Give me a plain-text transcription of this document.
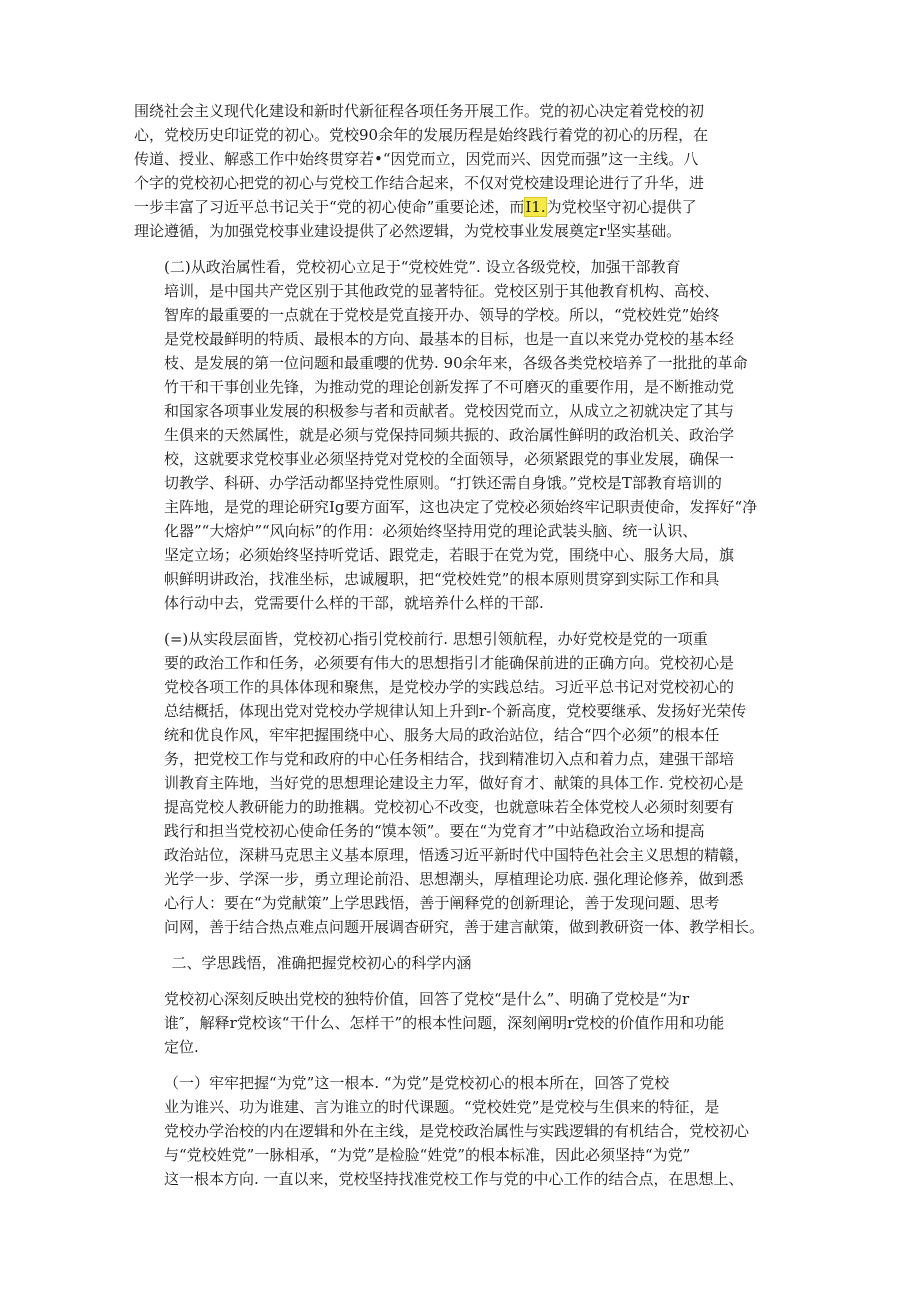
围绕社会主义现代化建设和新时代新征程各项任务开展工作。党的初心决定着党校的初
心，党校历史印证党的初心。党校90余年的发展历程是始终践行着党的初心的历程，在
传道、授业、解惑工作中始终贯穿若•“因党而立，因党而兴、因党而强”这一主线。八
个字的党校初心把党的初心与党校工作结合起来，不仅对党校建设理论进行了升华，进
一步丰富了习近平总书记关于“党的初心使命”重要论述，而I1.为党校坚守初心提供了
理论遵循，为加强党校事业建设提供了必然逻辑，为党校事业发展奠定r坚实基础。

(二)从政治属性看，党校初心立足于“党校姓党”. 设立各级党校，加强干部教育
培训，是中国共产党区别于其他政党的显著特征。党校区别于其他教育机构、高校、
智库的最重要的一点就在于党校是党直接开办、领导的学校。所以，“党校姓党”始终
是党校最鲜明的特质、最根本的方向、最基本的目标，也是一直以来党办党校的基本经
枝、是发展的第一位问题和最重嚶的优势. 90余年来，各级各类党校培养了一批批的革命
竹干和干事创业先锋，为推动党的理论创新发挥了不可磨灭的重要作用，是不断推动党
和国家各项事业发展的积极参与者和贡献者。党校因党而立，从成立之初就决定了其与
生俱来的天然属性，就是必须与党保持同频共振的、政治属性鲜明的政治机关、政治学
校，这就要求党校事业必须坚持党对党校的全面领导，必须紧跟党的事业发展，确保一
切教学、科研、办学活动都坚持党性原则。“打铁还需自身饿。”党校是T部教育培训的
主阵地，是党的理论研究Ig要方面军，这也决定了党校必须始终牢记职责使命，发挥好“净
化器”“大熔炉”“风向标”的作用：必须始终坚持用党的理论武装头脑、统一认识、
坚定立场；必须始终坚持听党话、跟党走，若眼于在党为党，围绕中心、服务大局，旗
帜鲜明讲政治，找准坐标，忠诚履职，把“党校姓党”的根本原则贯穿到实际工作和具
体行动中去，党需要什么样的干部，就培养什么样的干部.

(=)从实段层面皆，党校初心指引党校前行. 思想引领航程，办好党校是党的一项重
要的政治工作和任务，必须要有伟大的思想指引才能确保前进的正确方向。党校初心是
党校各项工作的具体体现和聚焦，是党校办学的实践总结。习近平总书记对党校初心的
总结概括，体现出党对党校办学规律认知上升到r-个新高度，党校要继承、发扬好光荣传
统和优良作风，牢牢把握围绕中心、服务大局的政治站位，结合“四个必须”的根本任
务，把党校工作与党和政府的中心任务相结合，找到精准切入点和着力点，建强干部培
训教育主阵地，当好党的思想理论建设主力军，做好育才、献策的具体工作. 党校初心是
提高党校人教研能力的助推耦。党校初心不改变，也就意味若全体党校人必须时刻要有
践行和担当党校初心使命任务的“馍本领”。要在“为党育才”中站稳政治立场和提高
政治站位，深耕马克思主义基本原理，悟透习近平新时代中国特色社会主义思想的精赣，
光学一步、学深一步，勇立理论前沿、思想潮头，厚植理论功底. 强化理论修养，做到悉
心行人：要在“为党献策”上学思践悟，善于阐释党的创新理论，善于发现问题、思考
问网，善于结合热点难点问题开展调杳研究，善于建言献策，做到教研资一体、教学相长。

二、学思践悟，准确把握党校初心的科学内涵

党校初心深刻反映出党校的独特价值，回答了党校“是什么”、明确了党校是“为r
谁″，解释r党校该“干什么、怎样干”的根本性问题，深刻阐明r党校的价值作用和功能
定位.

（一）牢牢把握“为党”这一根本. “为党”是党校初心的根本所在，回答了党校
业为谁兴、功为谁建、言为谁立的时代课题。“党校姓党”是党校与生俱来的特征，是
党校办学治校的内在逻辑和外在主线，是党校政治属性与实践逻辑的有机结合，党校初心
与“党校姓党”一脉相承，“为党”是检脸“姓党”的根本标准，因此必须坚持“为党”
这一根本方向. 一直以来，党校坚持找准党校工作与党的中心工作的结合点，在思想上、
